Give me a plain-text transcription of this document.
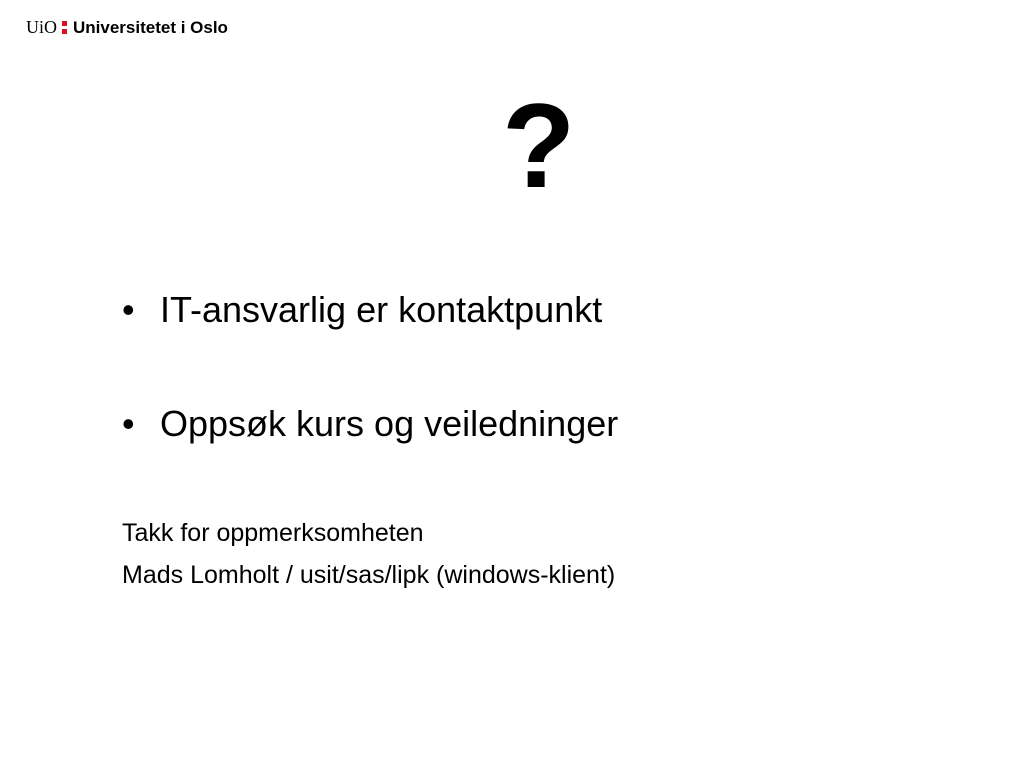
UiO Universitetet i Oslo
?
• IT-ansvarlig er kontaktpunkt
• Oppsøk kurs og veiledninger
Takk for oppmerksomheten
Mads Lomholt / usit/sas/lipk (windows-klient)
